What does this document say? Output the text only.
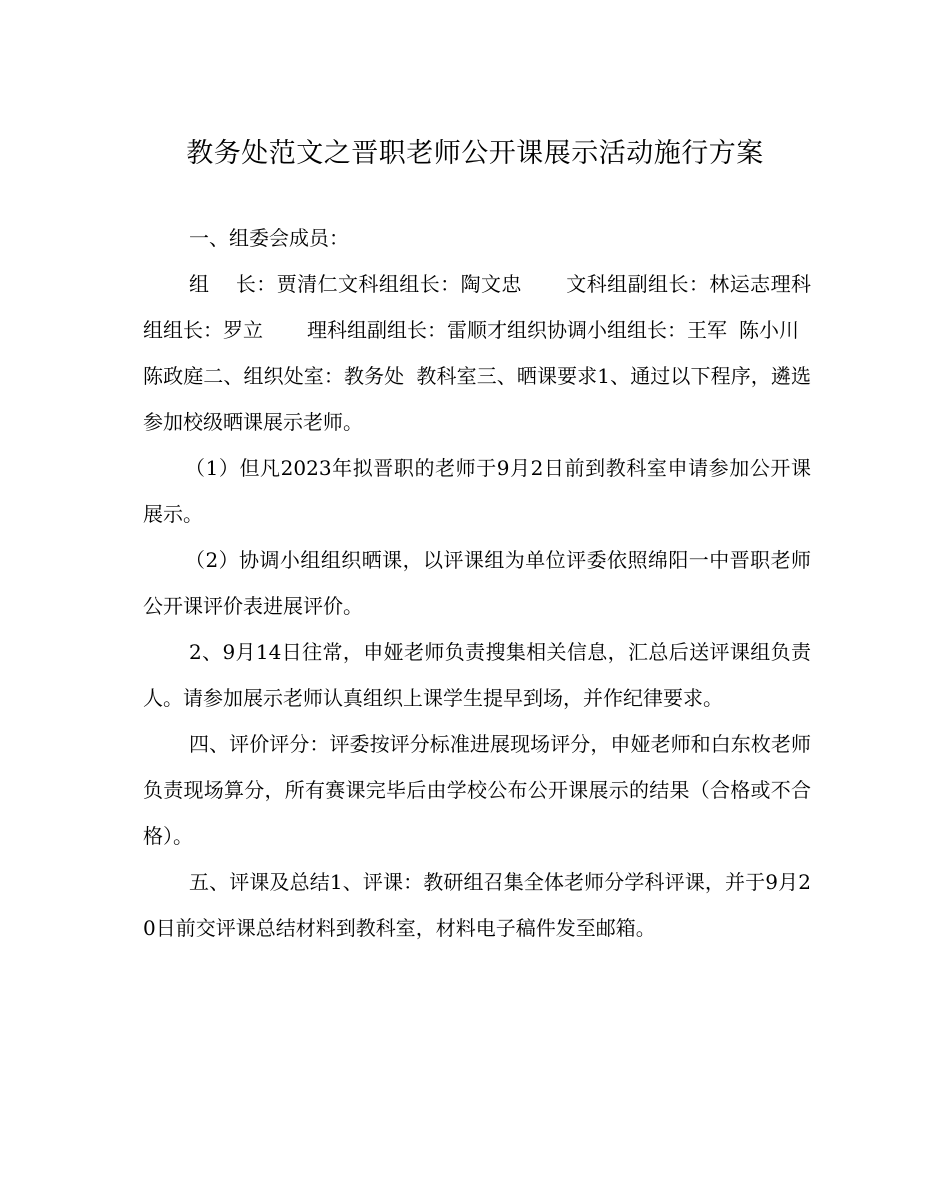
教务处范文之晋职老师公开课展示活动施行方案

一、组委会成员：

组 长：贾清仁文科组组长：陶文忠 文科组副组长：林运志理科组组长：罗立 理科组副组长：雷顺才组织协调小组组长：王军 陈小川陈政庭二、组织处室：教务处 教科室三、晒课要求1、通过以下程序，遴选参加校级晒课展示老师。

（1）但凡2023年拟晋职的老师于9月2日前到教科室申请参加公开课展示。

（2）协调小组组织晒课，以评课组为单位评委依照绵阳一中晋职老师公开课评价表进展评价。

2、9月14日往常，申娅老师负责搜集相关信息，汇总后送评课组负责人。请参加展示老师认真组织上课学生提早到场，并作纪律要求。

四、评价评分：评委按评分标准进展现场评分，申娅老师和白东枚老师负责现场算分，所有赛课完毕后由学校公布公开课展示的结果（合格或不合格）。

五、评课及总结1、评课：教研组召集全体老师分学科评课，并于9月20日前交评课总结材料到教科室，材料电子稿件发至邮箱。
